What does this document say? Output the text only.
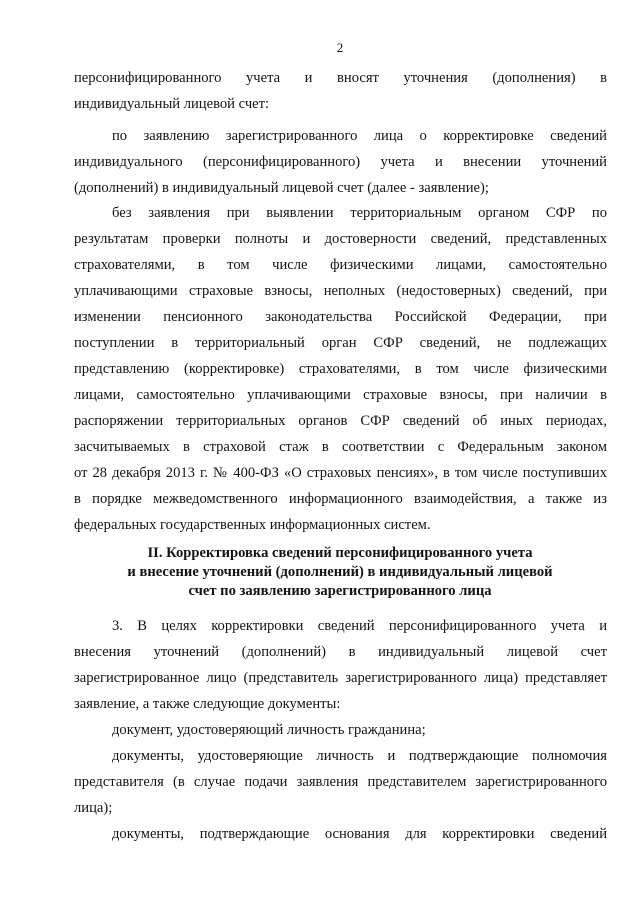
2
персонифицированного учета и вносят уточнения (дополнения) в
индивидуальный лицевой счет:
по заявлению зарегистрированного лица о корректировке сведений
индивидуального (персонифицированного) учета и внесении уточнений
(дополнений) в индивидуальный лицевой счет (далее - заявление);
без заявления при выявлении территориальным органом СФР по
результатам проверки полноты и достоверности сведений, представленных
страхователями, в том числе физическими лицами, самостоятельно
уплачивающими страховые взносы, неполных (недостоверных) сведений, при
изменении пенсионного законодательства Российской Федерации, при
поступлении в территориальный орган СФР сведений, не подлежащих
представлению (корректировке) страхователями, в том числе физическими
лицами, самостоятельно уплачивающими страховые взносы, при наличии в
распоряжении территориальных органов СФР сведений об иных периодах,
засчитываемых в страховой стаж в соответствии с Федеральным законом
от 28 декабря 2013 г. № 400-ФЗ «О страховых пенсиях», в том числе поступивших
в порядке межведомственного информационного взаимодействия, а также из
федеральных государственных информационных систем.
II. Корректировка сведений персонифицированного учета
и внесение уточнений (дополнений) в индивидуальный лицевой
счет по заявлению зарегистрированного лица
3. В целях корректировки сведений персонифицированного учета и
внесения уточнений (дополнений) в индивидуальный лицевой счет
зарегистрированное лицо (представитель зарегистрированного лица) представляет
заявление, а также следующие документы:
документ, удостоверяющий личность гражданина;
документы, удостоверяющие личность и подтверждающие полномочия
представителя (в случае подачи заявления представителем зарегистрированного
лица);
документы, подтверждающие основания для корректировки сведений
